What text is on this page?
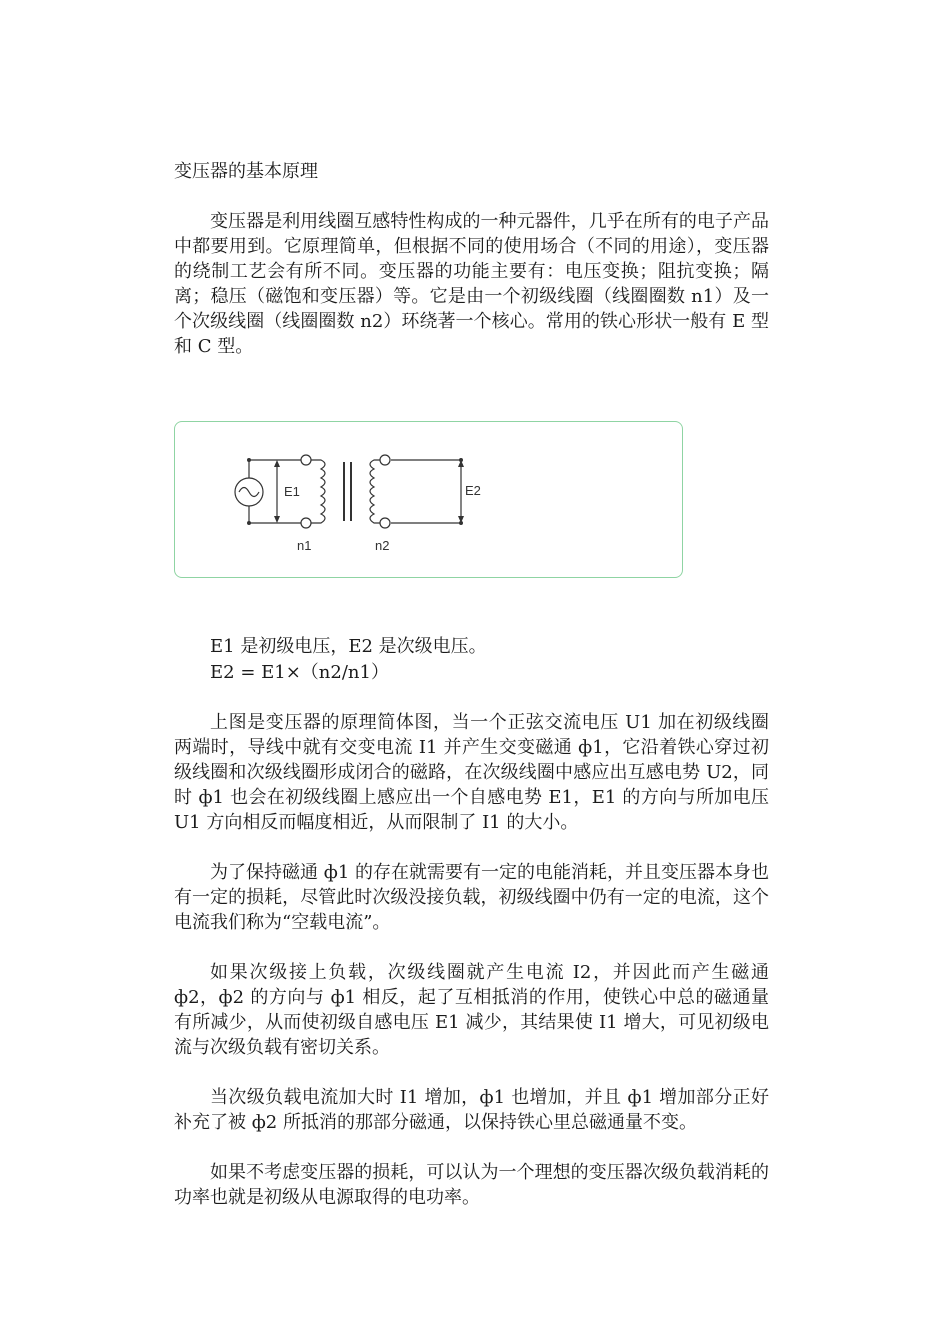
变压器的基本原理

变压器是利用线圈互感特性构成的一种元器件，几乎在所有的电子产品中都要用到。它原理简单，但根据不同的使用场合（不同的用途），变压器的绕制工艺会有所不同。变压器的功能主要有：电压变换；阻抗变换；隔离；稳压（磁饱和变压器）等。它是由一个初级线圈（线圈圈数 n1）及一个次级线圈（线圈圈数 n2）环绕著一个核心。常用的铁心形状一般有 E 型和 C 型。

E1 是初级电压，E2 是次级电压。

E2 = E1×（n2/n1）

上图是变压器的原理简体图，当一个正弦交流电压 U1 加在初级线圈两端时，导线中就有交变电流 I1 并产生交变磁通 ф1，它沿着铁心穿过初级线圈和次级线圈形成闭合的磁路，在次级线圈中感应出互感电势 U2，同时 ф1 也会在初级线圈上感应出一个自感电势 E1，E1 的方向与所加电压 U1 方向相反而幅度相近，从而限制了 I1 的大小。

为了保持磁通 ф1 的存在就需要有一定的电能消耗，并且变压器本身也有一定的损耗，尽管此时次级没接负载，初级线圈中仍有一定的电流，这个电流我们称为“空载电流”。

如果次级接上负载，次级线圈就产生电流 I2，并因此而产生磁通 ф2，ф2 的方向与 ф1 相反，起了互相抵消的作用，使铁心中总的磁通量有所减少，从而使初级自感电压 E1 减少，其结果使 I1 增大，可见初级电流与次级负载有密切关系。

当次级负载电流加大时 I1 增加，ф1 也增加，并且 ф1 增加部分正好补充了被 ф2 所抵消的那部分磁通，以保持铁心里总磁通量不变。

如果不考虑变压器的损耗，可以认为一个理想的变压器次级负载消耗的功率也就是初级从电源取得的电功率。

E1	E2
n1	n2
